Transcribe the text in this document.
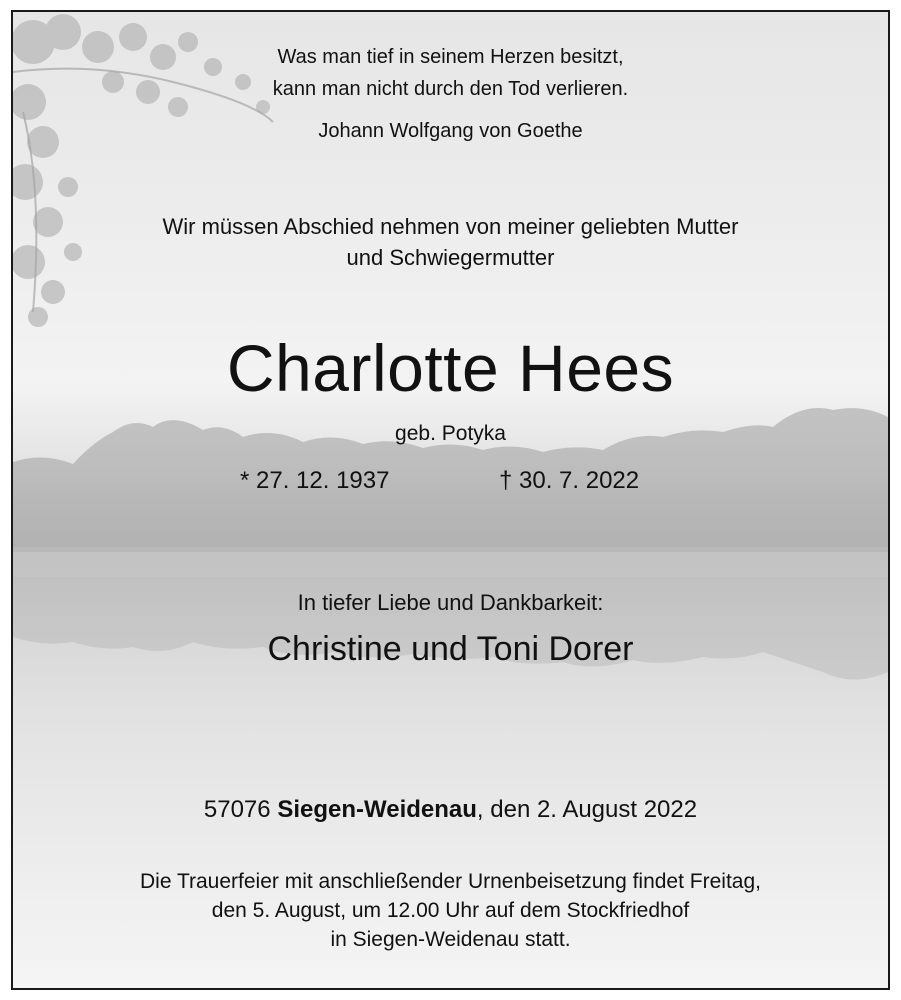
Was man tief in seinem Herzen besitzt,
kann man nicht durch den Tod verlieren.
Johann Wolfgang von Goethe
Wir müssen Abschied nehmen von meiner geliebten Mutter
und Schwiegermutter
Charlotte Hees
geb. Potyka
* 27. 12. 1937	† 30. 7. 2022
In tiefer Liebe und Dankbarkeit:
Christine und Toni Dorer
57076 Siegen-Weidenau, den 2. August 2022
Die Trauerfeier mit anschließender Urnenbeisetzung findet Freitag,
den 5. August, um 12.00 Uhr auf dem Stockfriedhof
in Siegen-Weidenau statt.
